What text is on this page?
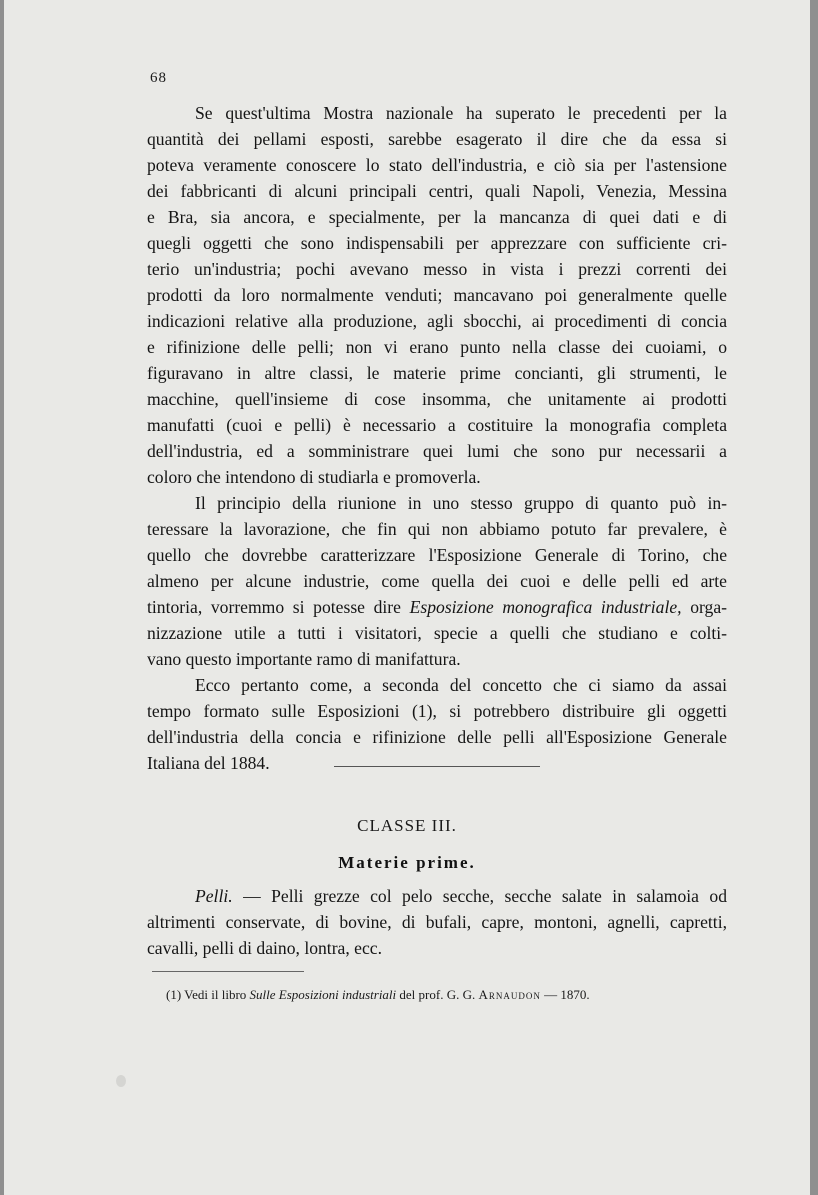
68
Se quest'ultima Mostra nazionale ha superato le precedenti per la
quantità dei pellami esposti, sarebbe esagerato il dire che da essa si
poteva veramente conoscere lo stato dell'industria, e ciò sia per l'astensione
dei fabbricanti di alcuni principali centri, quali Napoli, Venezia, Messina
e Bra, sia ancora, e specialmente, per la mancanza di quei dati e di
quegli oggetti che sono indispensabili per apprezzare con sufficiente cri-
terio un'industria; pochi avevano messo in vista i prezzi correnti dei
prodotti da loro normalmente venduti; mancavano poi generalmente quelle
indicazioni relative alla produzione, agli sbocchi, ai procedimenti di concia
e rifinizione delle pelli; non vi erano punto nella classe dei cuoiami, o
figuravano in altre classi, le materie prime concianti, gli strumenti, le
macchine, quell'insieme di cose insomma, che unitamente ai prodotti
manufatti (cuoi e pelli) è necessario a costituire la monografia completa
dell'industria, ed a somministrare quei lumi che sono pur necessarii a
coloro che intendono di studiarla e promoverla.
Il principio della riunione in uno stesso gruppo di quanto può in-
teressare la lavorazione, che fin qui non abbiamo potuto far prevalere, è
quello che dovrebbe caratterizzare l'Esposizione Generale di Torino, che
almeno per alcune industrie, come quella dei cuoi e delle pelli ed arte
tintoria, vorremmo si potesse dire Esposizione monografica industriale, orga-
nizzazione utile a tutti i visitatori, specie a quelli che studiano e colti-
vano questo importante ramo di manifattura.
Ecco pertanto come, a seconda del concetto che ci siamo da assai
tempo formato sulle Esposizioni (1), si potrebbero distribuire gli oggetti
dell'industria della concia e rifinizione delle pelli all'Esposizione Generale
Italiana del 1884.
CLASSE III.
Materie prime.
Pelli. — Pelli grezze col pelo secche, secche salate in salamoia od
altrimenti conservate, di bovine, di bufali, capre, montoni, agnelli, capretti,
cavalli, pelli di daino, lontra, ecc.
(1) Vedi il libro Sulle Esposizioni industriali del prof. G. G. Arnaudon — 1870.
